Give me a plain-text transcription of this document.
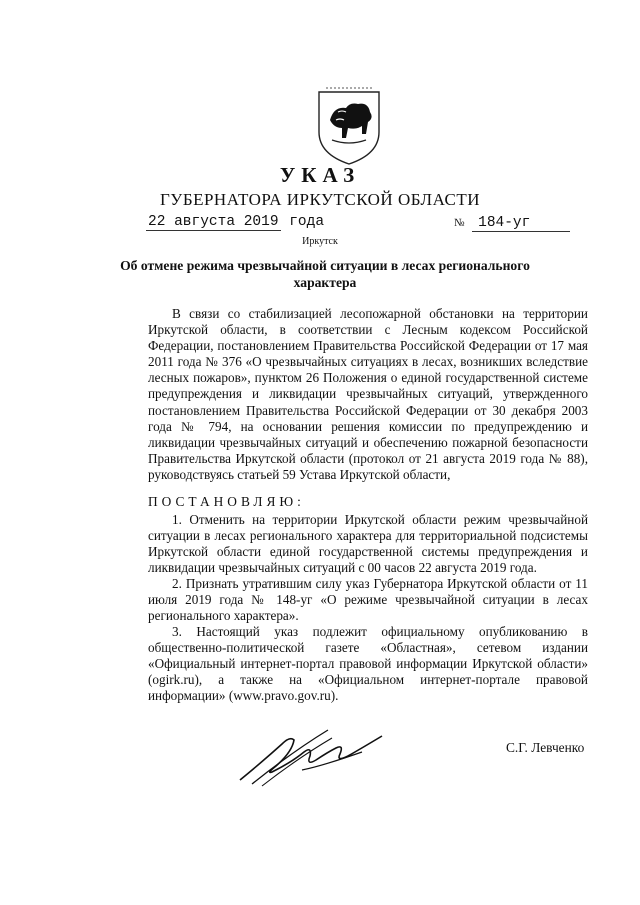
УКАЗ
ГУБЕРНАТОРА ИРКУТСКОЙ ОБЛАСТИ
22 августа 2019 года	№ 184-уг
Иркутск
Об отмене режима чрезвычайной ситуации в лесах регионального характера
В связи со стабилизацией лесопожарной обстановки на территории Иркутской области, в соответствии с Лесным кодексом Российской Федерации, постановлением Правительства Российской Федерации от 17 мая 2011 года № 376 «О чрезвычайных ситуациях в лесах, возникших вследствие лесных пожаров», пунктом 26 Положения о единой государственной системе предупреждения и ликвидации чрезвычайных ситуаций, утвержденного постановлением Правительства Российской Федерации от 30 декабря 2003 года № 794, на основании решения комиссии по предупреждению и ликвидации чрезвычайных ситуаций и обеспечению пожарной безопасности Правительства Иркутской области (протокол от 21 августа 2019 года № 88), руководствуясь статьей 59 Устава Иркутской области,
ПОСТАНОВЛЯЮ:
1. Отменить на территории Иркутской области режим чрезвычайной ситуации в лесах регионального характера для территориальной подсистемы Иркутской области единой государственной системы предупреждения и ликвидации чрезвычайных ситуаций с 00 часов 22 августа 2019 года.
2. Признать утратившим силу указ Губернатора Иркутской области от 11 июля 2019 года № 148-уг «О режиме чрезвычайной ситуации в лесах регионального характера».
3. Настоящий указ подлежит официальному опубликованию в общественно-политической газете «Областная», сетевом издании «Официальный интернет-портал правовой информации Иркутской области» (ogirk.ru), а также на «Официальном интернет-портале правовой информации» (www.pravo.gov.ru).
С.Г. Левченко
